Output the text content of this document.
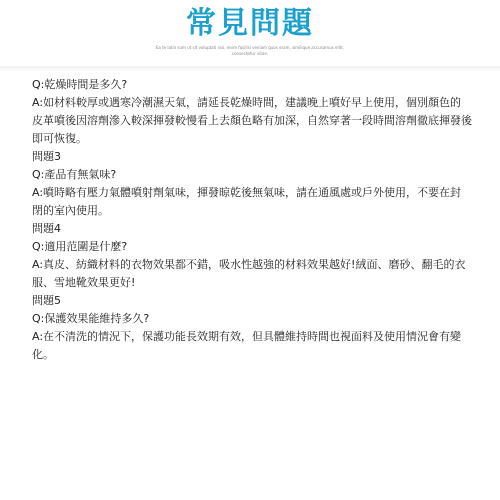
常見問題
Ea te latin sum ut sit voluptati nisi, enim facilisi veniam quos eram, similique accusamus elitr, consectetur vitae.
Q:乾燥時間是多久?
A:如材料較厚或遇寒冷潮濕天氣，請延長乾燥時間，建議晚上噴好早上使用，個別顏色的皮革噴後因溶劑滲入較深揮發較慢看上去顏色略有加深，自然穿著一段時間溶劑徹底揮發後即可恢復。
問題3
Q:產品有無氣味?
A:噴時略有壓力氣體噴射劑氣味，揮發晾乾後無氣味，請在通風處或戶外使用，不要在封閉的室內使用。
問題4
Q:適用范圍是什麼?
A:真皮、紡織材料的衣物效果都不錯，吸水性越強的材料效果越好!絨面、磨砂、翻毛的衣服、雪地靴效果更好!
問題5
Q:保護效果能維持多久?
A:在不清洗的情況下，保護功能長效期有效，但具體維持時間也視面料及使用情況會有變化。
